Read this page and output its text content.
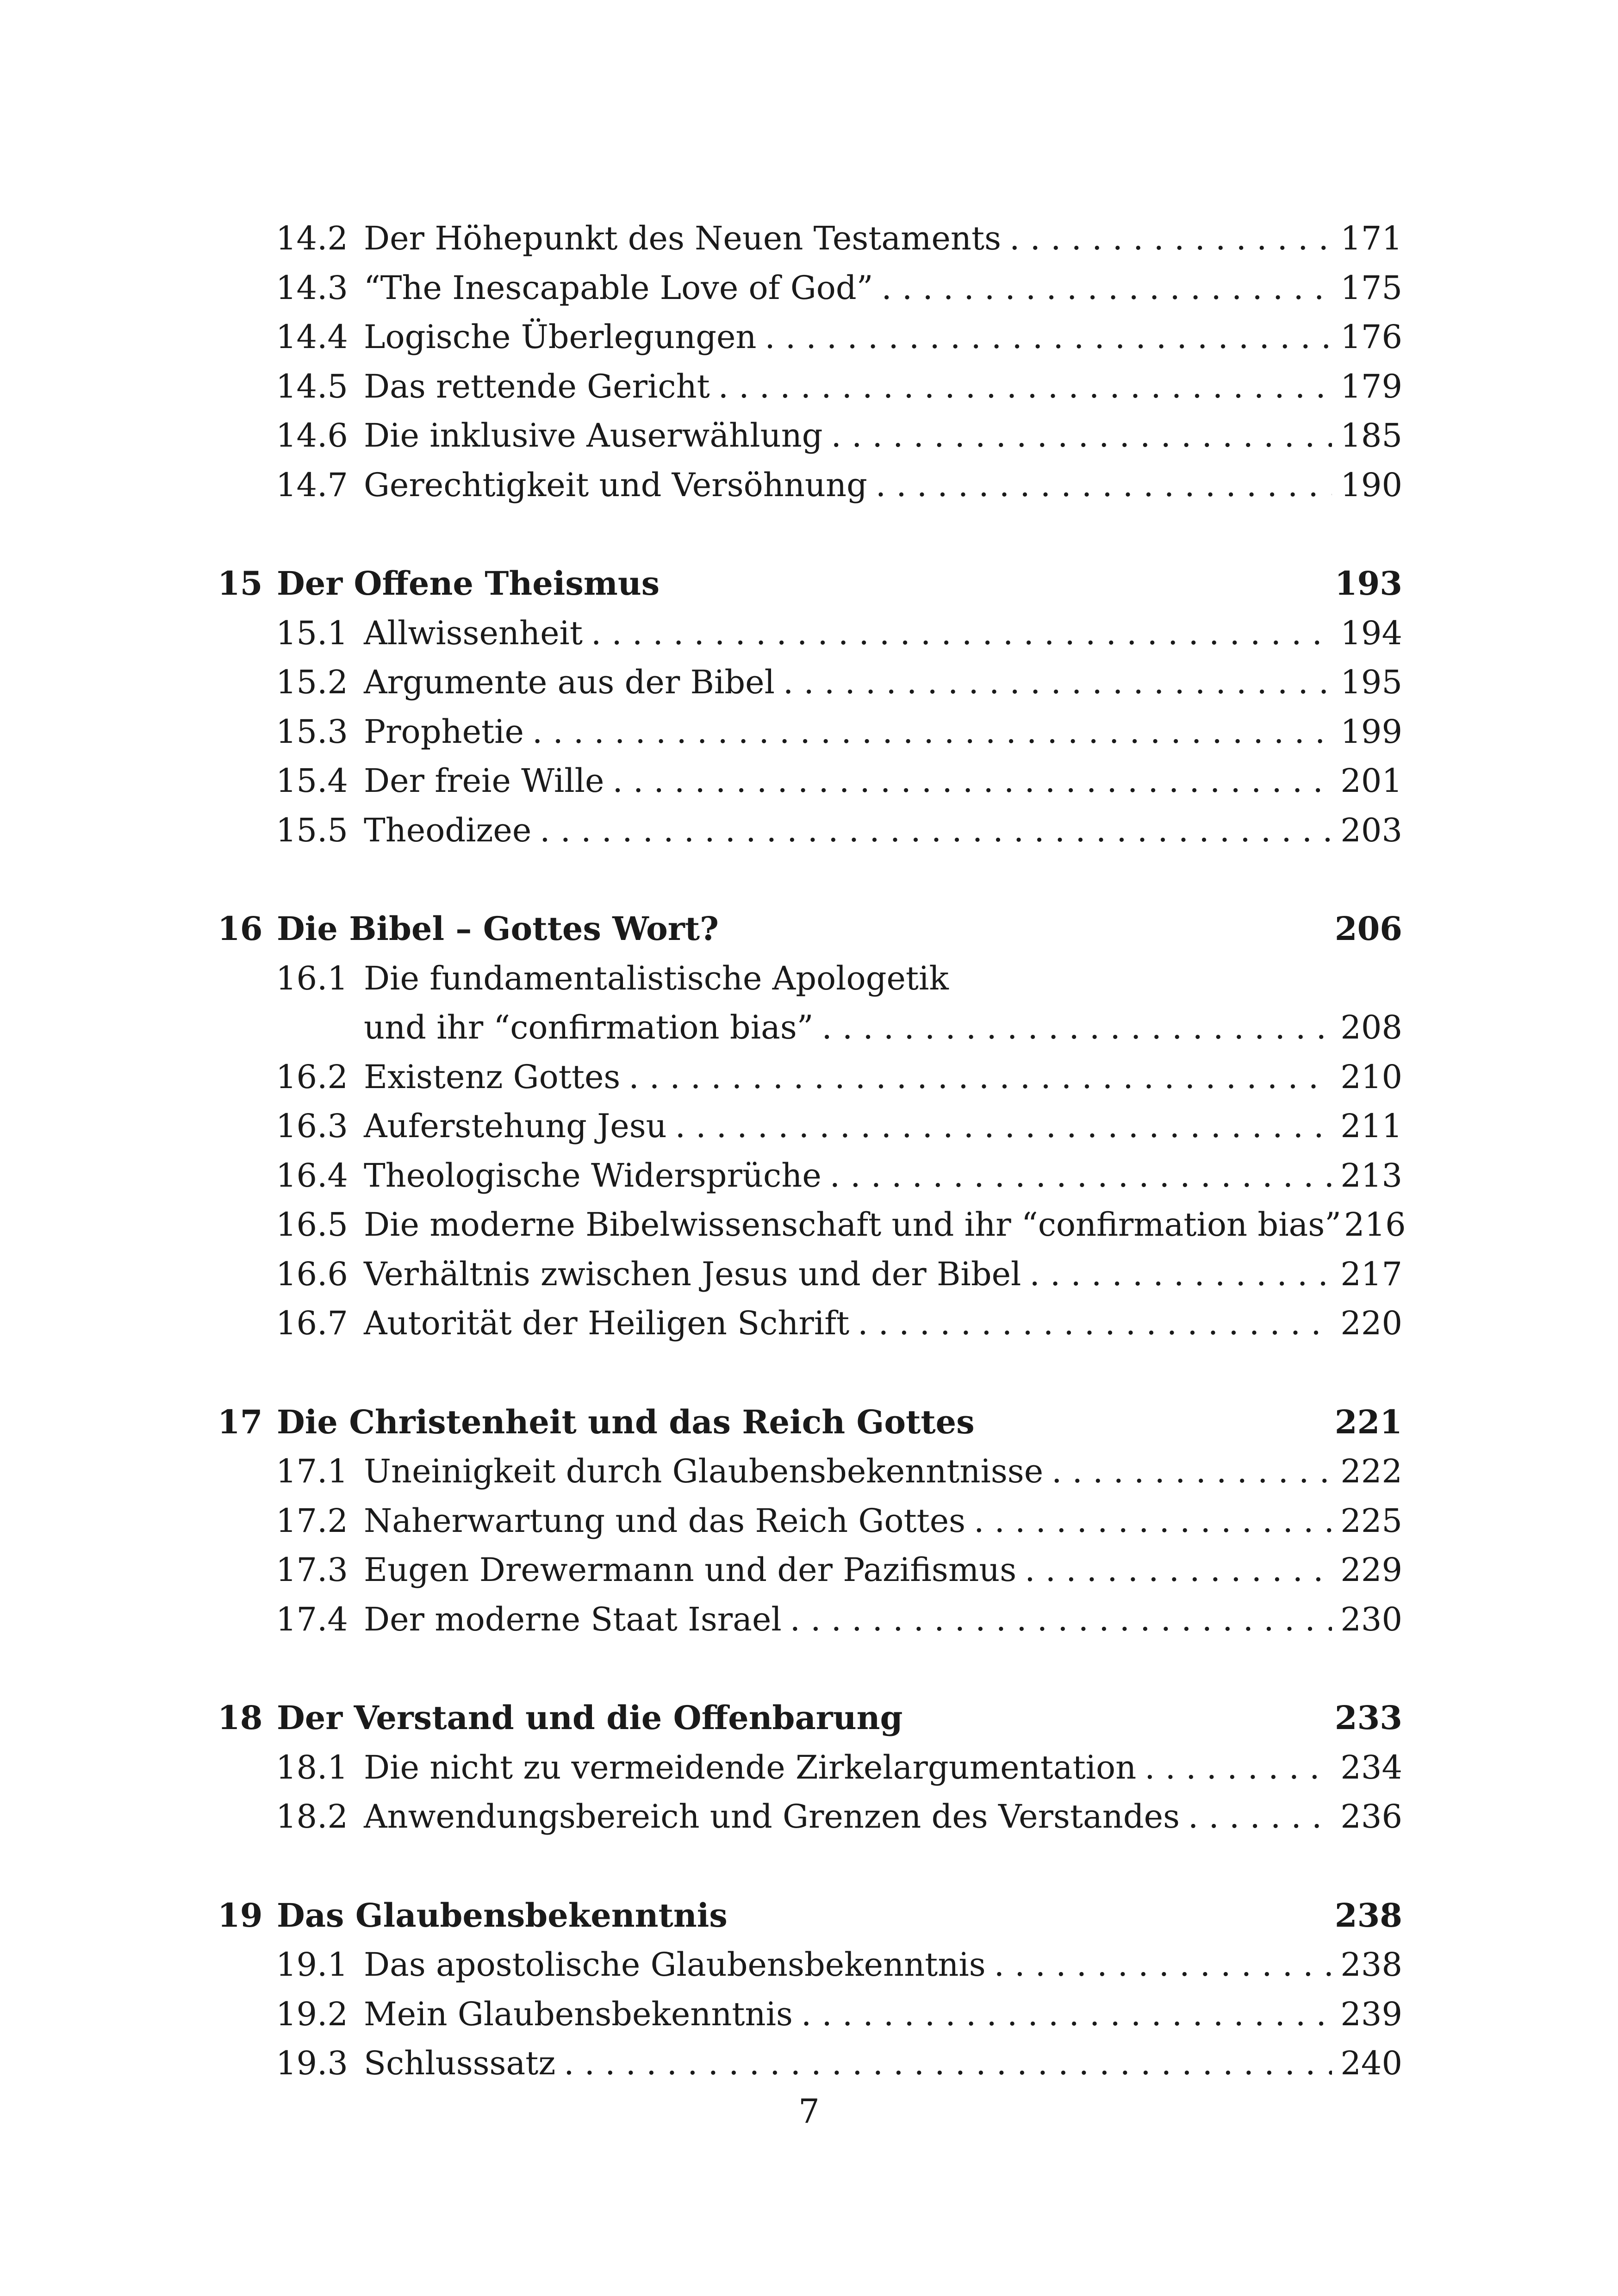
14.2 Der Höhepunkt des Neuen Testaments . . .	171
14.3 “The Inescapable Love of God” . . .	175
14.4 Logische Überlegungen . . .	176
14.5 Das rettende Gericht . . .	179
14.6 Die inklusive Auserwählung . . .	185
14.7 Gerechtigkeit und Versöhnung . . .	190
15 Der Offene Theismus	193
15.1 Allwissenheit . . .	194
15.2 Argumente aus der Bibel . . .	195
15.3 Prophetie . . .	199
15.4 Der freie Wille . . .	201
15.5 Theodizee . . .	203
16 Die Bibel – Gottes Wort?	206
16.1 Die fundamentalistische Apologetik
und ihr “confirmation bias” . . .	208
16.2 Existenz Gottes . . .	210
16.3 Auferstehung Jesu . . .	211
16.4 Theologische Widersprüche . . .	213
16.5 Die moderne Bibelwissenschaft und ihr “confirmation bias” 216
16.6 Verhältnis zwischen Jesus und der Bibel . . .	217
16.7 Autorität der Heiligen Schrift . . .	220
17 Die Christenheit und das Reich Gottes	221
17.1 Uneinigkeit durch Glaubensbekenntnisse . . .	222
17.2 Naherwartung und das Reich Gottes . . .	225
17.3 Eugen Drewermann und der Pazifismus . . .	229
17.4 Der moderne Staat Israel . . .	230
18 Der Verstand und die Offenbarung	233
18.1 Die nicht zu vermeidende Zirkelargumentation . . .	234
18.2 Anwendungsbereich und Grenzen des Verstandes . . .	236
19 Das Glaubensbekenntnis	238
19.1 Das apostolische Glaubensbekenntnis . . .	238
19.2 Mein Glaubensbekenntnis . . .	239
19.3 Schlusssatz . . .	240
7
